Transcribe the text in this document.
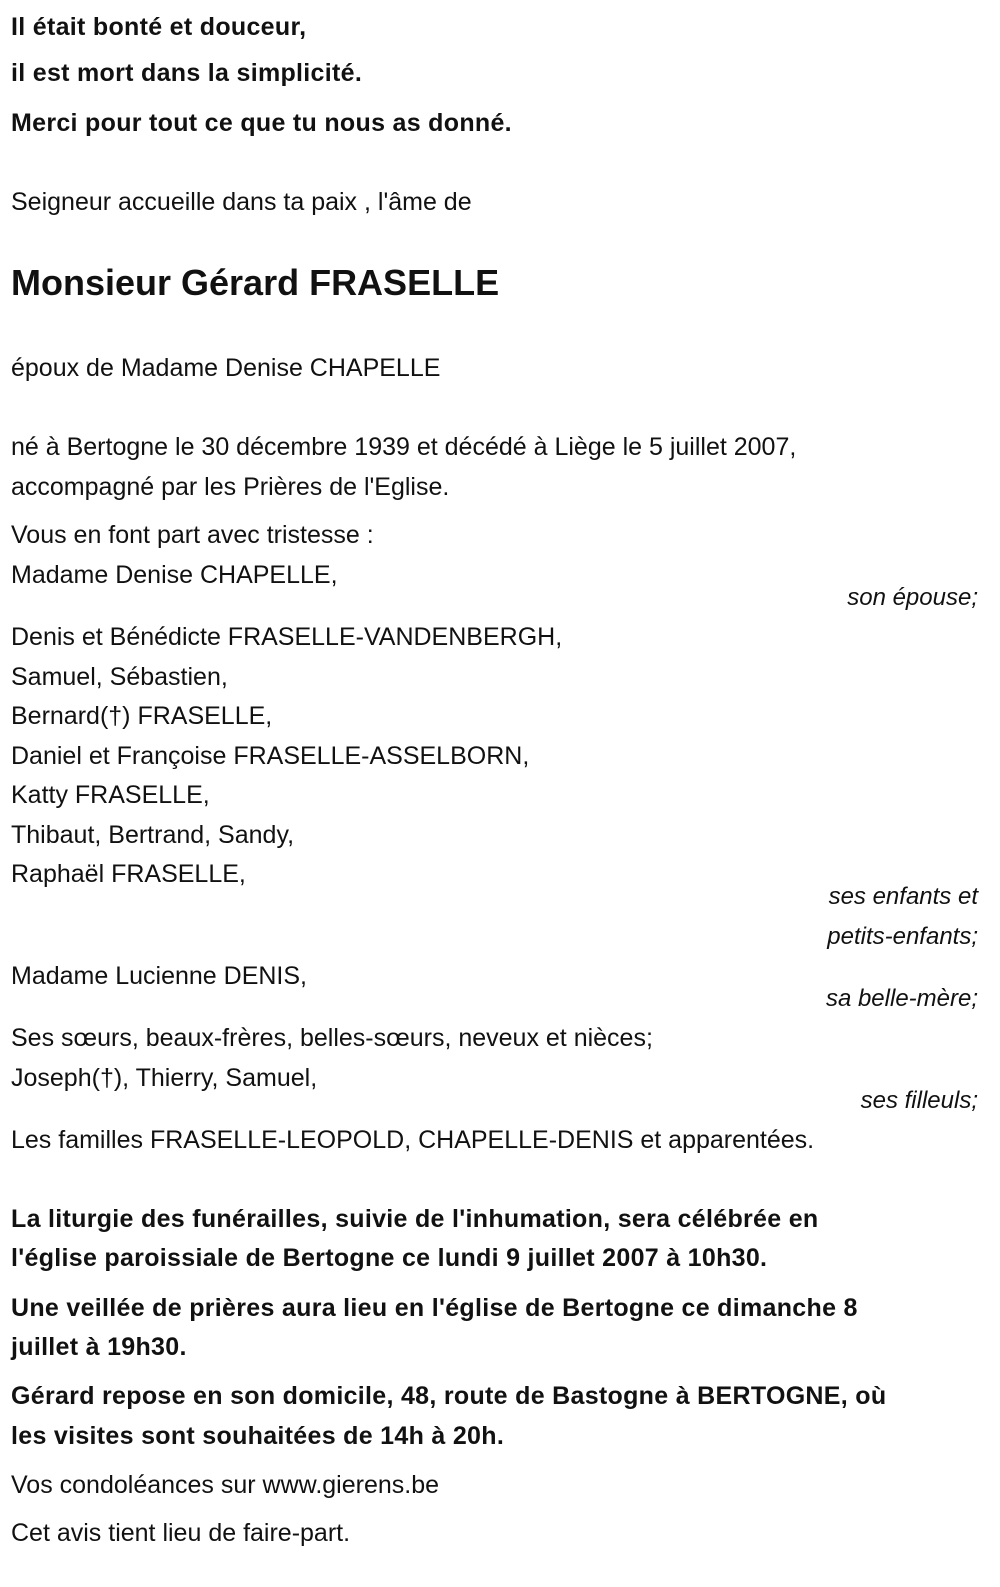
Il était bonté et douceur,
il est mort dans la simplicité.
Merci pour tout ce que tu nous as donné.
Seigneur accueille dans ta paix , l'âme de
Monsieur Gérard FRASELLE
époux de Madame Denise CHAPELLE
né à Bertogne le 30 décembre 1939 et décédé à Liège le 5 juillet 2007,
accompagné par les Prières de l'Eglise.
Vous en font part avec tristesse :
Madame Denise CHAPELLE,
son épouse;
Denis et Bénédicte FRASELLE-VANDENBERGH,
Samuel, Sébastien,
Bernard(†) FRASELLE,
Daniel et Françoise FRASELLE-ASSELBORN,
Katty FRASELLE,
Thibaut, Bertrand, Sandy,
Raphaël FRASELLE,
ses enfants et
petits-enfants;
Madame Lucienne DENIS,
sa belle-mère;
Ses sœurs, beaux-frères, belles-sœurs, neveux et nièces;
Joseph(†), Thierry, Samuel,
ses filleuls;
Les familles FRASELLE-LEOPOLD, CHAPELLE-DENIS et apparentées.
La liturgie des funérailles, suivie de l'inhumation, sera célébrée en
l'église paroissiale de Bertogne ce lundi 9 juillet 2007 à 10h30.
Une veillée de prières aura lieu en l'église de Bertogne ce dimanche 8
juillet à 19h30.
Gérard repose en son domicile, 48, route de Bastogne à BERTOGNE, où
les visites sont souhaitées de 14h à 20h.
Vos condoléances sur www.gierens.be
Cet avis tient lieu de faire-part.
